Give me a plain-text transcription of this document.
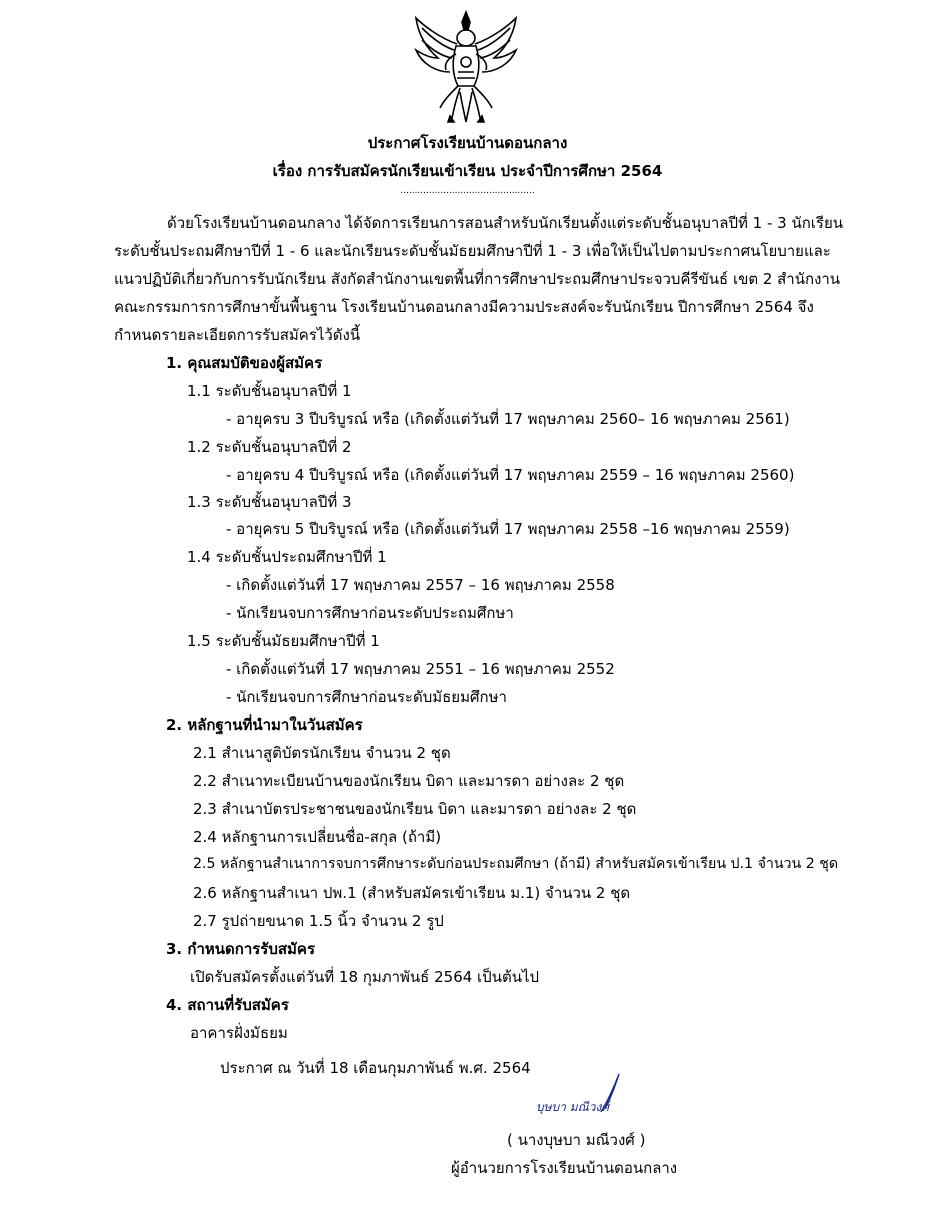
ประกาศโรงเรียนบ้านดอนกลาง
เรื่อง การรับสมัครนักเรียนเข้าเรียน ประจำปีการศึกษา 2564
...............................................
ด้วยโรงเรียนบ้านดอนกลาง ได้จัดการเรียนการสอนสำหรับนักเรียนตั้งแต่ระดับชั้นอนุบาลปีที่ 1 - 3 นักเรียน
ระดับชั้นประถมศึกษาปีที่ 1 - 6 และนักเรียนระดับชั้นมัธยมศึกษาปีที่ 1 - 3 เพื่อให้เป็นไปตามประกาศนโยบายและ
แนวปฏิบัติเกี่ยวกับการรับนักเรียน สังกัดสำนักงานเขตพื้นที่การศึกษาประถมศึกษาประจวบคีรีขันธ์ เขต 2 สำนักงาน
คณะกรรมการการศึกษาขั้นพื้นฐาน โรงเรียนบ้านดอนกลางมีความประสงค์จะรับนักเรียน ปีการศึกษา 2564 จึง
กำหนดรายละเอียดการรับสมัครไว้ดังนี้
1. คุณสมบัติของผู้สมัคร
1.1 ระดับชั้นอนุบาลปีที่ 1
- อายุครบ 3 ปีบริบูรณ์ หรือ (เกิดตั้งแต่วันที่ 17 พฤษภาคม 2560– 16 พฤษภาคม 2561)
1.2 ระดับชั้นอนุบาลปีที่ 2
- อายุครบ 4 ปีบริบูรณ์ หรือ (เกิดตั้งแต่วันที่ 17 พฤษภาคม 2559 – 16 พฤษภาคม 2560)
1.3 ระดับชั้นอนุบาลปีที่ 3
- อายุครบ 5 ปีบริบูรณ์ หรือ (เกิดตั้งแต่วันที่ 17 พฤษภาคม 2558 –16 พฤษภาคม 2559)
1.4 ระดับชั้นประถมศึกษาปีที่ 1
- เกิดตั้งแต่วันที่ 17 พฤษภาคม 2557 – 16 พฤษภาคม 2558
- นักเรียนจบการศึกษาก่อนระดับประถมศึกษา
1.5 ระดับชั้นมัธยมศึกษาปีที่ 1
- เกิดตั้งแต่วันที่ 17 พฤษภาคม 2551 – 16 พฤษภาคม 2552
- นักเรียนจบการศึกษาก่อนระดับมัธยมศึกษา
2. หลักฐานที่นำมาในวันสมัคร
2.1 สำเนาสูติบัตรนักเรียน จำนวน 2 ชุด
2.2 สำเนาทะเบียนบ้านของนักเรียน บิดา และมารดา อย่างละ 2 ชุด
2.3 สำเนาบัตรประชาชนของนักเรียน บิดา และมารดา อย่างละ 2 ชุด
2.4 หลักฐานการเปลี่ยนชื่อ-สกุล (ถ้ามี)
2.5 หลักฐานสำเนาการจบการศึกษาระดับก่อนประถมศึกษา (ถ้ามี) สำหรับสมัครเข้าเรียน ป.1 จำนวน 2 ชุด
2.6 หลักฐานสำเนา ปพ.1 (สำหรับสมัครเข้าเรียน ม.1) จำนวน 2 ชุด
2.7 รูปถ่ายขนาด 1.5 นิ้ว จำนวน 2 รูป
3. กำหนดการรับสมัคร
เปิดรับสมัครตั้งแต่วันที่ 18 กุมภาพันธ์ 2564 เป็นต้นไป
4. สถานที่รับสมัคร
อาคารฝั่งมัธยม
ประกาศ ณ วันที่ 18 เดือนกุมภาพันธ์ พ.ศ. 2564
บุษบา มณีวงศ์
( นางบุษบา มณีวงศ์ )
ผู้อำนวยการโรงเรียนบ้านดอนกลาง
